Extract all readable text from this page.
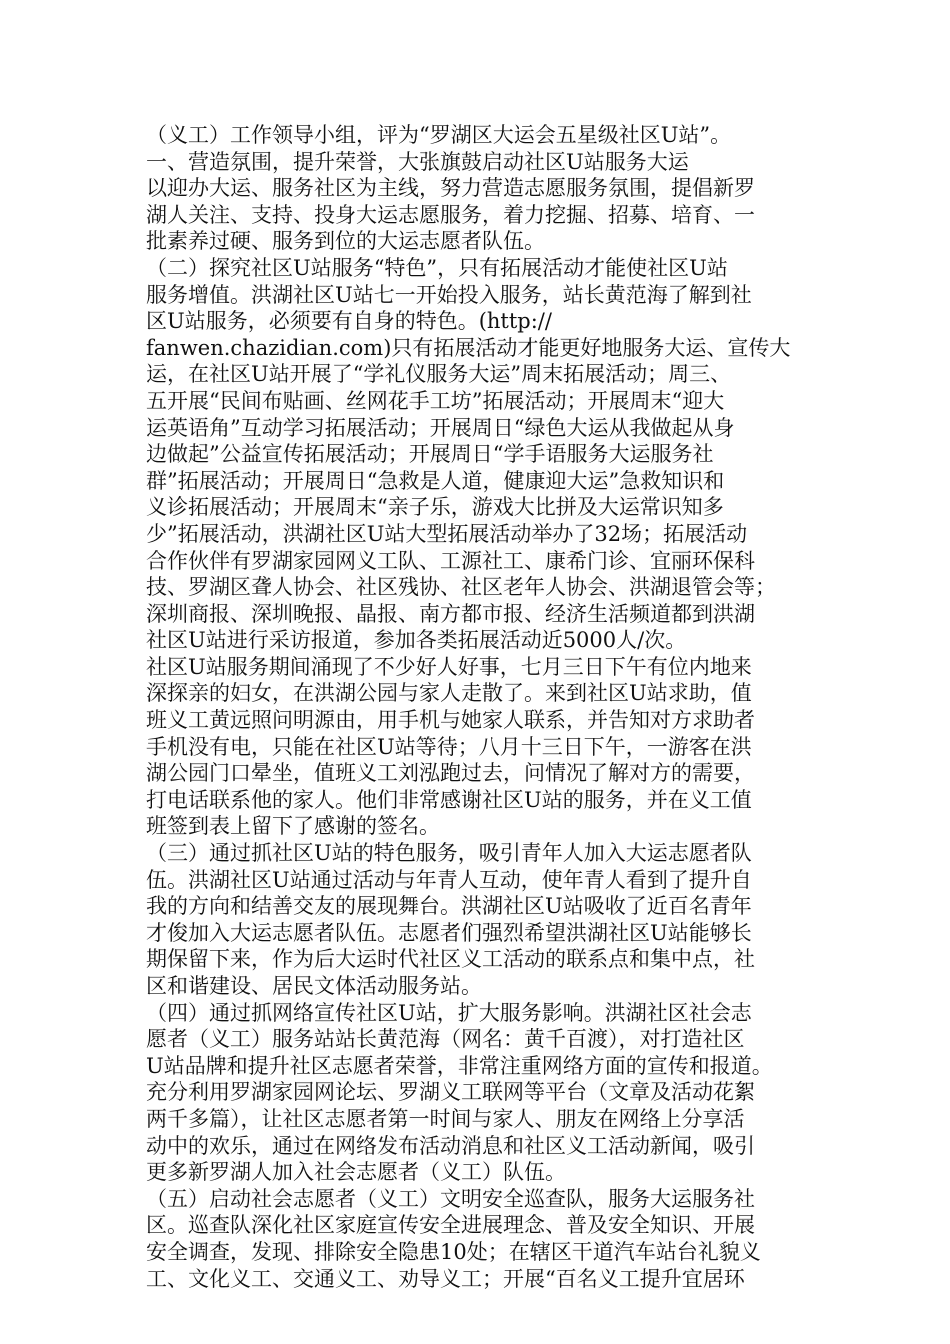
（义工）工作领导小组，评为“罗湖区大运会五星级社区U站”。
一、营造氛围，提升荣誉，大张旗鼓启动社区U站服务大运
以迎办大运、服务社区为主线，努力营造志愿服务氛围，提倡新罗
湖人关注、支持、投身大运志愿服务，着力挖掘、招募、培育、一
批素养过硬、服务到位的大运志愿者队伍。
（二）探究社区U站服务“特色”，只有拓展活动才能使社区U站
服务增值。洪湖社区U站七一开始投入服务，站长黄范海了解到社
区U站服务，必须要有自身的特色。(http://
fanwen.chazidian.com)只有拓展活动才能更好地服务大运、宣传大
运，在社区U站开展了“学礼仪服务大运”周末拓展活动；周三、
五开展“民间布贴画、丝网花手工坊”拓展活动；开展周末“迎大
运英语角”互动学习拓展活动；开展周日“绿色大运从我做起从身
边做起”公益宣传拓展活动；开展周日“学手语服务大运服务社
群”拓展活动；开展周日“急救是人道，健康迎大运”急救知识和
义诊拓展活动；开展周末“亲子乐，游戏大比拼及大运常识知多
少”拓展活动，洪湖社区U站大型拓展活动举办了32场；拓展活动
合作伙伴有罗湖家园网义工队、工源社工、康希门诊、宜丽环保科
技、罗湖区聋人协会、社区残协、社区老年人协会、洪湖退管会等；
深圳商报、深圳晚报、晶报、南方都市报、经济生活频道都到洪湖
社区U站进行采访报道，参加各类拓展活动近5000人/次。
社区U站服务期间涌现了不少好人好事，七月三日下午有位内地来
深探亲的妇女，在洪湖公园与家人走散了。来到社区U站求助，值
班义工黄远照问明源由，用手机与她家人联系，并告知对方求助者
手机没有电，只能在社区U站等待；八月十三日下午，一游客在洪
湖公园门口晕坐，值班义工刘泓跑过去，问情况了解对方的需要，
打电话联系他的家人。他们非常感谢社区U站的服务，并在义工值
班签到表上留下了感谢的签名。
（三）通过抓社区U站的特色服务，吸引青年人加入大运志愿者队
伍。洪湖社区U站通过活动与年青人互动，使年青人看到了提升自
我的方向和结善交友的展现舞台。洪湖社区U站吸收了近百名青年
才俊加入大运志愿者队伍。志愿者们强烈希望洪湖社区U站能够长
期保留下来，作为后大运时代社区义工活动的联系点和集中点，社
区和谐建设、居民文体活动服务站。
（四）通过抓网络宣传社区U站，扩大服务影响。洪湖社区社会志
愿者（义工）服务站站长黄范海（网名：黄千百渡），对打造社区
U站品牌和提升社区志愿者荣誉，非常注重网络方面的宣传和报道。
充分利用罗湖家园网论坛、罗湖义工联网等平台（文章及活动花絮
两千多篇），让社区志愿者第一时间与家人、朋友在网络上分享活
动中的欢乐，通过在网络发布活动消息和社区义工活动新闻，吸引
更多新罗湖人加入社会志愿者（义工）队伍。
（五）启动社会志愿者（义工）文明安全巡查队，服务大运服务社
区。巡查队深化社区家庭宣传安全进展理念、普及安全知识、开展
安全调查，发现、排除安全隐患10处；在辖区干道汽车站台礼貌义
工、文化义工、交通义工、劝导义工；开展“百名义工提升宜居环
